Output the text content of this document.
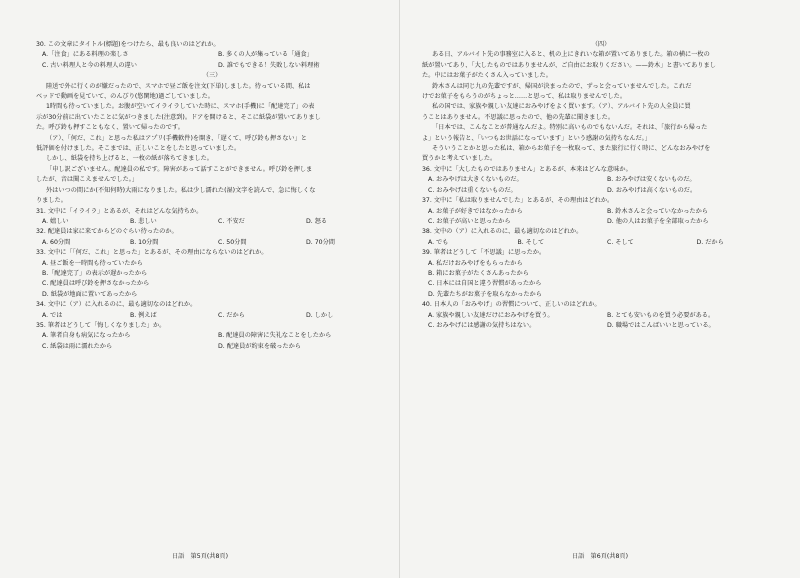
30. この文章にタイトル(標題)をつけたら、最も良いのはどれか。
A.「注食」にある料理の楽しさ	B. 多くの人が集っている「通食」
C. 古い料理人と今の料理人の違い	D. 誰でもできる！失敗しない料理術
（三）
陸送で外に行くのが嫌だったので、スマホで昼ご飯を注文(下単)しました。待っている間、私は
ベッドで動画を見ていて、のんびり(悠閑地)過ごしていました。
1時間も待っていました。お腹が空いてイライラしていた時に、スマホ(手機)に「配達完了」の表
示が30分前に出ていたことに気がつきました(注意到)。ドアを開けると、そこに紙袋が置いてありまし
た。呼び鈴も押すこともなく、置いて帰ったのです。
（ア）、「何だ、これ」と思った私はアプリ(手機軟件)を開き、「遅くて、呼び鈴も押さない」と
低評価を付けました。そこまでは、正しいことをしたと思っていました。
しかし、紙袋を持ち上げると、一枚の紙が落ちてきました。
「申し訳ございません。配達員の私です。障害があって話すことができません。呼び鈴を押しま
したが、音は聞こえませんでした。」
外はいつの間にか(不知何時)大雨になりました。私は少し濡れた(湿)文字を読んで、急に悔しくな
りました。
31. 文中に「イライラ」とあるが、それはどんな気持ちか。
A. 嬉しい	B. 悲しい	C. 不安だ	D. 怒る
32. 配達員は家に来てからどのぐらい待ったのか。
A. 60分間	B. 10分間	C. 50分間	D. 70分間
33. 文中に「「何だ、これ」と思った」とあるが、その理由にならないのはどれか。
A. 昼ご飯を一時間も待っていたから
B.「配達完了」の表示が遅かったから
C. 配達員は呼び鈴を押さなかったから
D. 紙袋が地面に置いてあったから
34. 文中に（ア）に入れるのに、最も適切なのはどれか。
A. では	B. 例えば	C. だから	D. しかし
35. 筆者はどうして「悔しくなりました」か。
A. 筆者自身も病気になったから	B. 配達員の障害に失礼なことをしたから
C. 紙袋は雨に濡れたから	D. 配達員が約束を破ったから
日語　第5頁(共8頁)
（四）
ある日、アルバイト先の事務室に入ると、机の上にきれいな箱が置いてありました。箱の横に一枚の
紙が置いてあり、「大したものではありませんが、ご自由にお取りください。——鈴木」と書いてありまし
た。中にはお菓子がたくさん入っていました。
鈴木さんは同じ九の先輩ですが、帰国が決まったので、ずっと会っていませんでした。これだ
けでお菓子をもらうのがちょっと……と思って、私は取りませんでした。
私の国では、家族や親しい友達におみやげをよく買います。（ア）、アルバイト先の人全員に買
うことはありません。不思議に思ったので、他の先輩に聞きました。
「日本では、こんなことが普通なんだよ。特別に高いものでもないんだ。それは、「旅行から帰った
よ」という報告と、「いつもお世話になっています」という感謝の気持ちなんだ。」
そういうことかと思った私は、箱からお菓子を一枚取って、また旅行に行く時に、どんなおみやげを
買うかと考えていました。
36. 文中に「大したものではありません」とあるが、本来はどんな意味か。
A. おみやげは大きくないものだ。	B. おみやげは安くないものだ。
C. おみやげは重くないものだ。	D. おみやげは高くないものだ。
37. 文中に「私は取りませんでした」とあるが、その理由はどれか。
A. お菓子が好きではなかったから	B. 鈴木さんと会っていなかったから
C. お菓子が高いと思ったから	D. 他の人はお菓子を全部取ったから
38. 文中の（ア）に入れるのに、最も適切なのはどれか。
A. でも	B. そして	C. そして	D. だから
39. 筆者はどうして「不思議」に思ったか。
A. 私だけおみやげをもらったから
B. 箱にお菓子がたくさんあったから
C. 日本には自国と違う習慣があったから
D. 先輩たちがお菓子を取らなかったから
40. 日本人の「おみやげ」の習慣について、正しいのはどれか。
A. 家族や親しい友達だけにおみやげを買う。	B. とても安いものを買う必要がある。
C. おみやげには感謝の気持ちはない。	D. 職場ではこんばいいと思っている。
日語　第6頁(共8頁)
